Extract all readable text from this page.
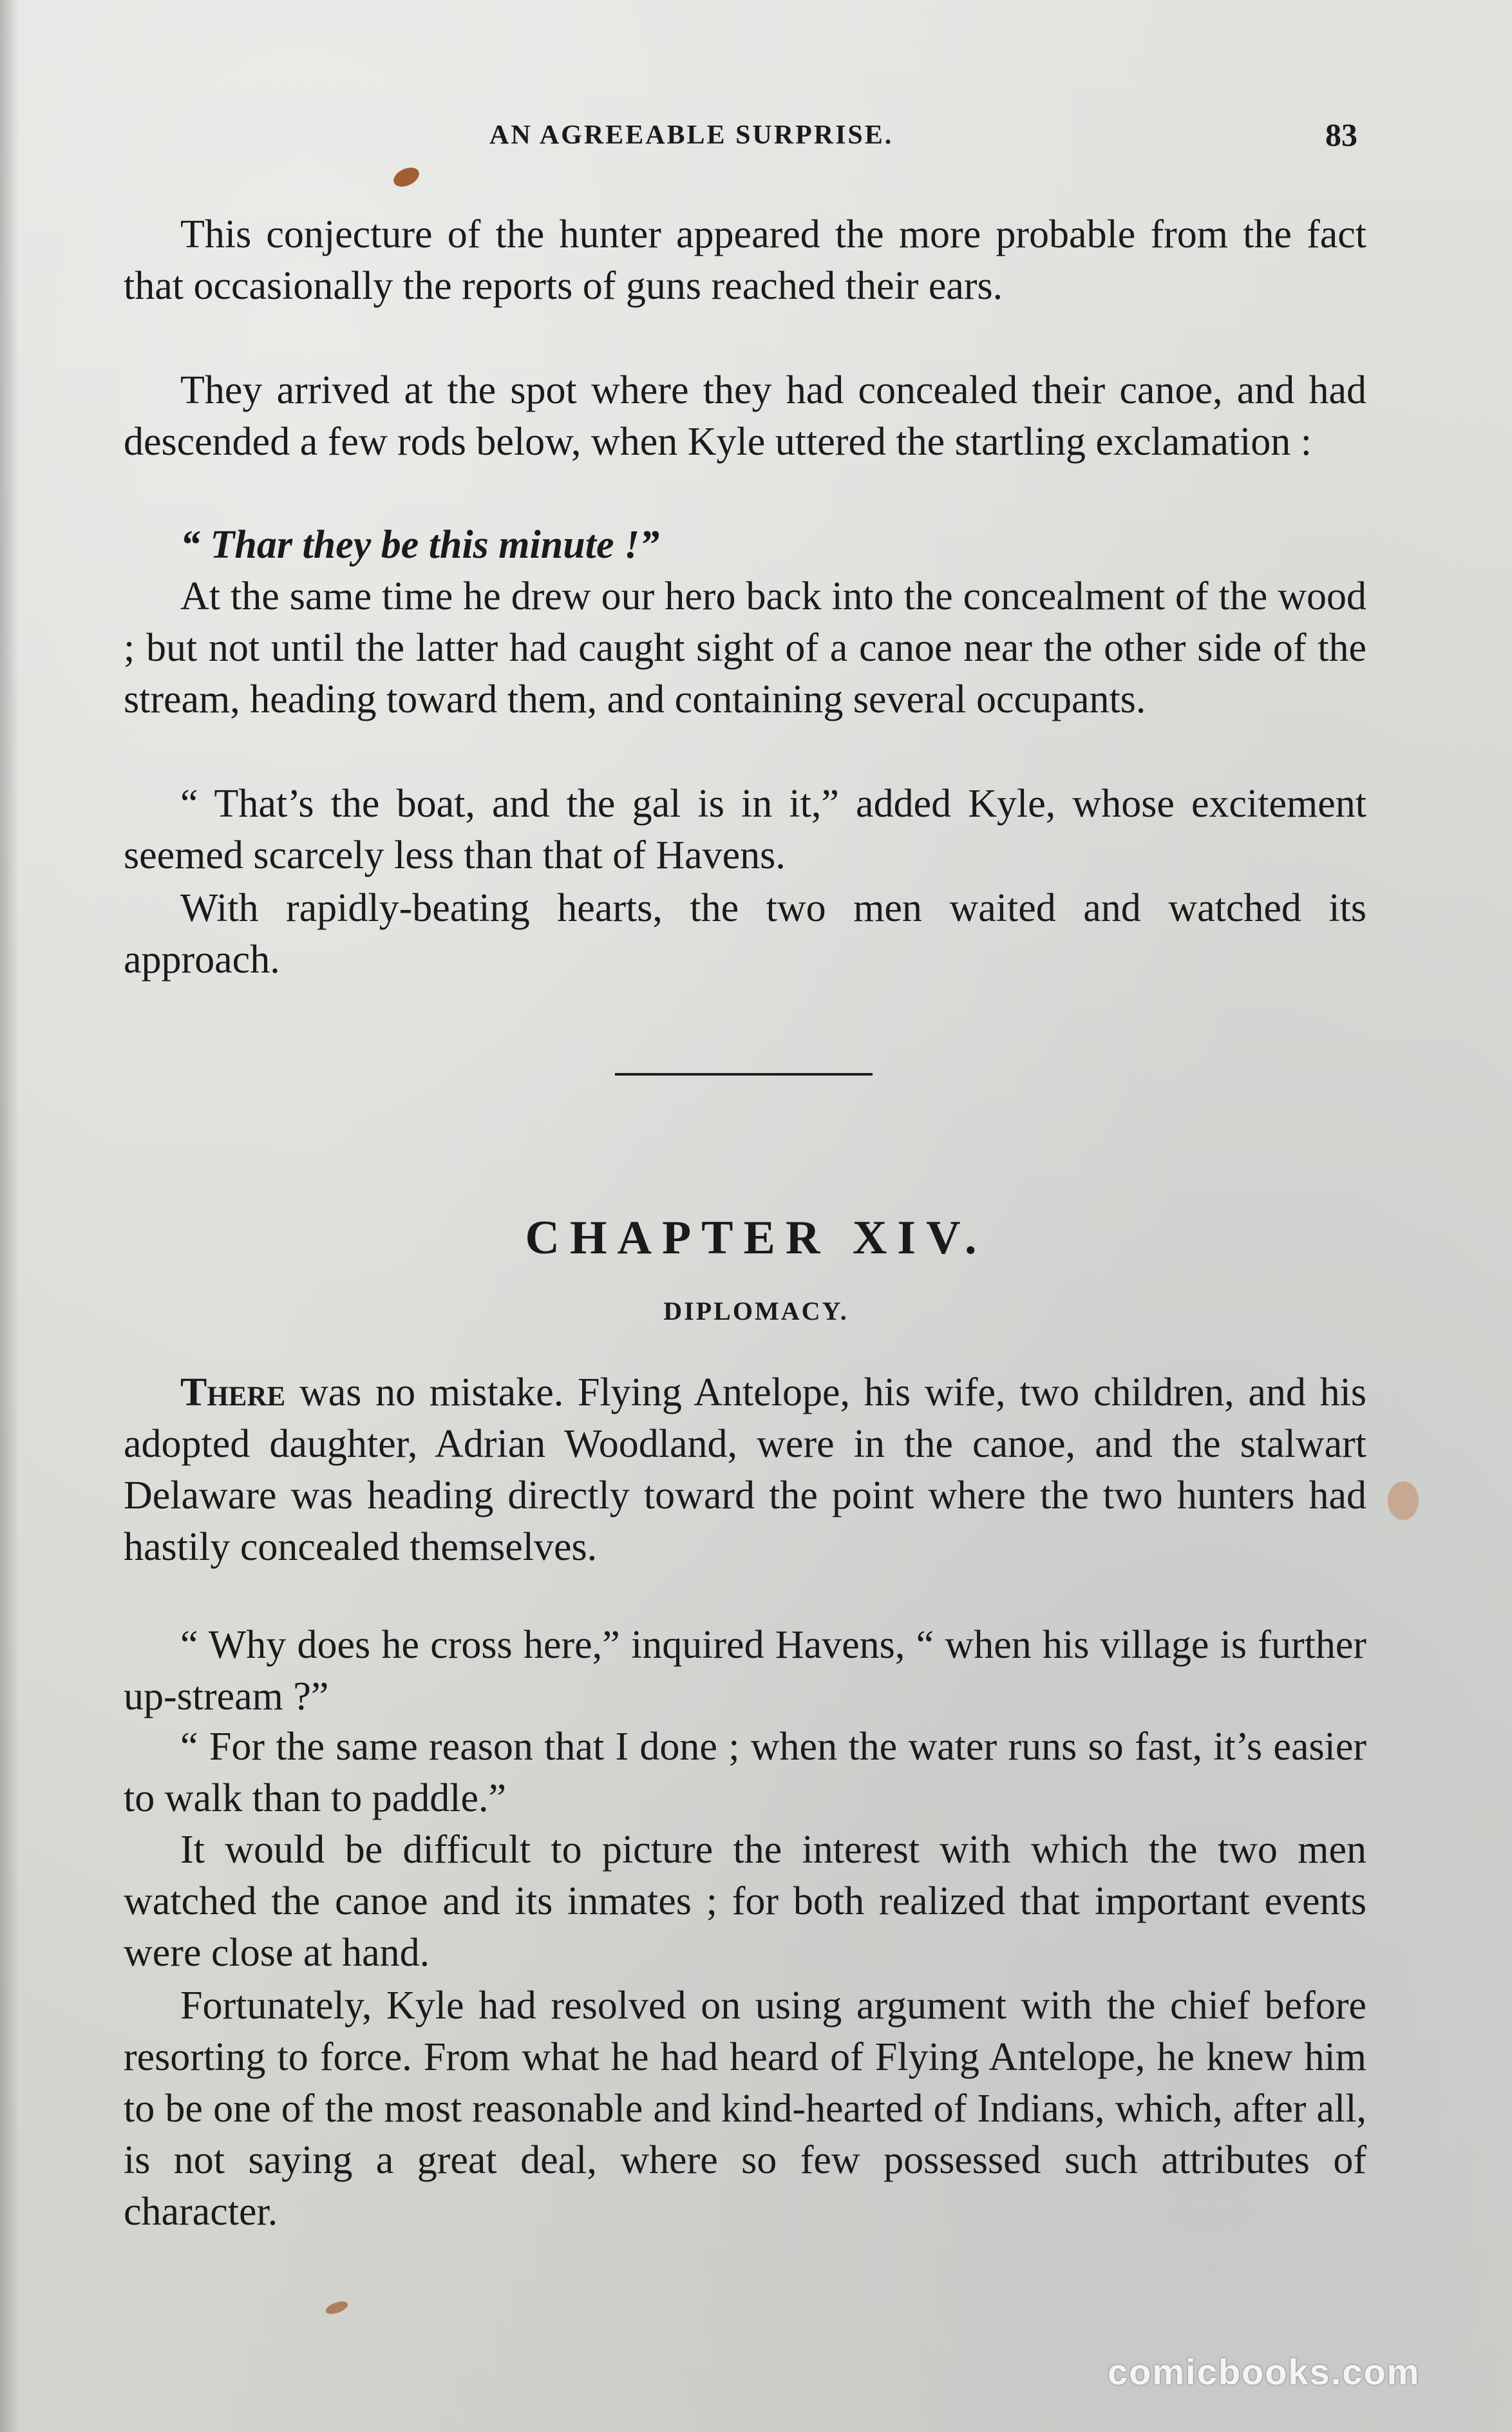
AN AGREEABLE SURPRISE.	83

This conjecture of the hunter appeared the more probable from the fact that occasionally the reports of guns reached their ears.

They arrived at the spot where they had concealed their canoe, and had descended a few rods below, when Kyle uttered the startling exclamation :

“ Thar they be this minute !”

At the same time he drew our hero back into the concealment of the wood ; but not until the latter had caught sight of a canoe near the other side of the stream, heading toward them, and containing several occupants.

“ That’s the boat, and the gal is in it,” added Kyle, whose excitement seemed scarcely less than that of Havens.

With rapidly-beating hearts, the two men waited and watched its approach.

CHAPTER XIV.
DIPLOMACY.

There was no mistake. Flying Antelope, his wife, two children, and his adopted daughter, Adrian Woodland, were in the canoe, and the stalwart Delaware was heading directly toward the point where the two hunters had hastily concealed themselves.

“ Why does he cross here,” inquired Havens, “ when his village is further up-stream ?”

“ For the same reason that I done ; when the water runs so fast, it’s easier to walk than to paddle.”

It would be difficult to picture the interest with which the two men watched the canoe and its inmates ; for both realized that important events were close at hand.

Fortunately, Kyle had resolved on using argument with the chief before resorting to force. From what he had heard of Flying Antelope, he knew him to be one of the most reasonable and kind-hearted of Indians, which, after all, is not saying a great deal, where so few possessed such attributes of character.

comicbooks.com
